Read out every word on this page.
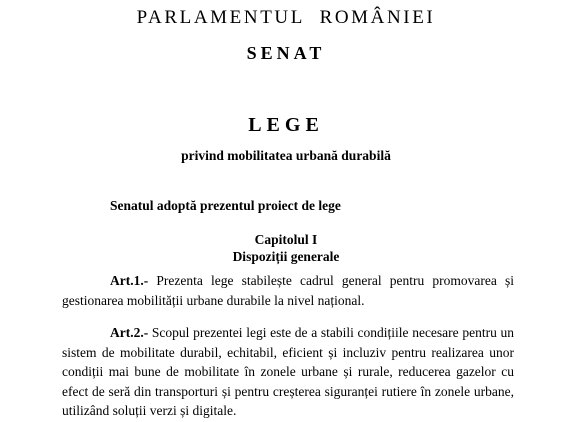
PARLAMENTUL ROMÂNIEI
SENAT
LEGE
privind mobilitatea urbană durabilă
Senatul adoptă prezentul proiect de lege
Capitolul I
Dispoziții generale
Art.1.- Prezenta lege stabilește cadrul general pentru promovarea și gestionarea mobilității urbane durabile la nivel național.
Art.2.- Scopul prezentei legi este de a stabili condițiile necesare pentru un sistem de mobilitate durabil, echitabil, eficient și incluziv pentru realizarea unor condiții mai bune de mobilitate în zonele urbane și rurale, reducerea gazelor cu efect de seră din transporturi și pentru creșterea siguranței rutiere în zonele urbane, utilizând soluții verzi și digitale.
